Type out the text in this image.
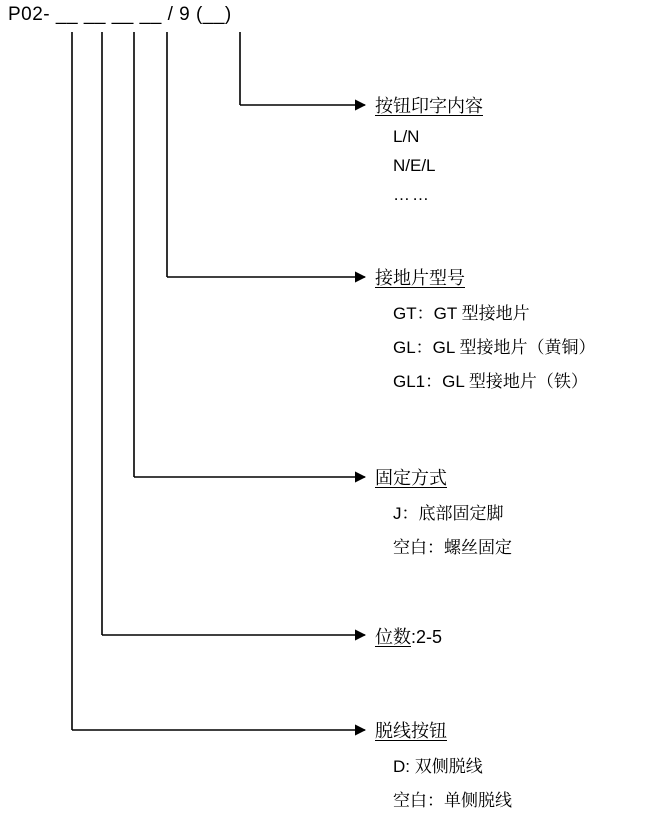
P02- __ __ __ __ / 9 (__)
按钮印字内容
L/N
N/E/L
……
接地片型号
GT：GT 型接地片
GL：GL 型接地片（黄铜）
GL1：GL 型接地片（铁）
固定方式
J：底部固定脚
空白：螺丝固定
位数 :2-5
脱线按钮
D: 双侧脱线
空白：单侧脱线
